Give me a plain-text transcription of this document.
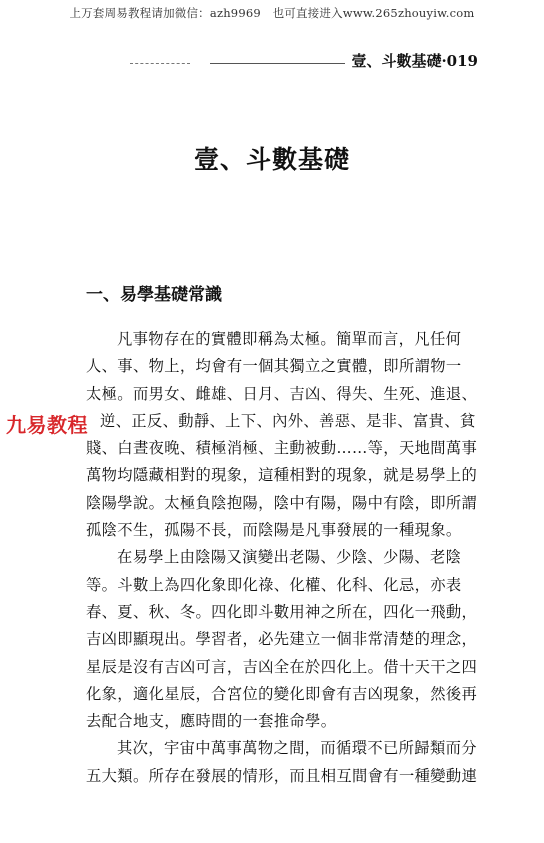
上万套周易教程请加微信：azh9969　也可直接进入www.265zhouyiw.com
壹、斗數基礎·019
壹、斗數基礎
一、易學基礎常識
凡事物存在的實體即稱為太極。簡單而言，凡任何
人、事、物上，均會有一個其獨立之實體，即所謂物一
太極。而男女、雌雄、日月、吉凶、得失、生死、進退、
逆、正反、動靜、上下、內外、善惡、是非、富貴、貧
賤、白晝夜晚、積極消極、主動被動……等，天地間萬事
萬物均隱藏相對的現象，這種相對的現象，就是易學上的
陰陽學說。太極負陰抱陽，陰中有陽，陽中有陰，即所謂
孤陰不生，孤陽不長，而陰陽是凡事發展的一種現象。
在易學上由陰陽又演變出老陽、少陰、少陽、老陰
等。斗數上為四化象即化祿、化權、化科、化忌，亦表
春、夏、秋、冬。四化即斗數用神之所在，四化一飛動，
吉凶即顯現出。學習者，必先建立一個非常清楚的理念，
星辰是沒有吉凶可言，吉凶全在於四化上。借十天干之四
化象，適化星辰，合宮位的變化即會有吉凶現象，然後再
去配合地支，應時間的一套推命學。
其次，宇宙中萬事萬物之間，而循環不已所歸類而分
五大類。所存在發展的情形，而且相互間會有一種變動連
九易教程
